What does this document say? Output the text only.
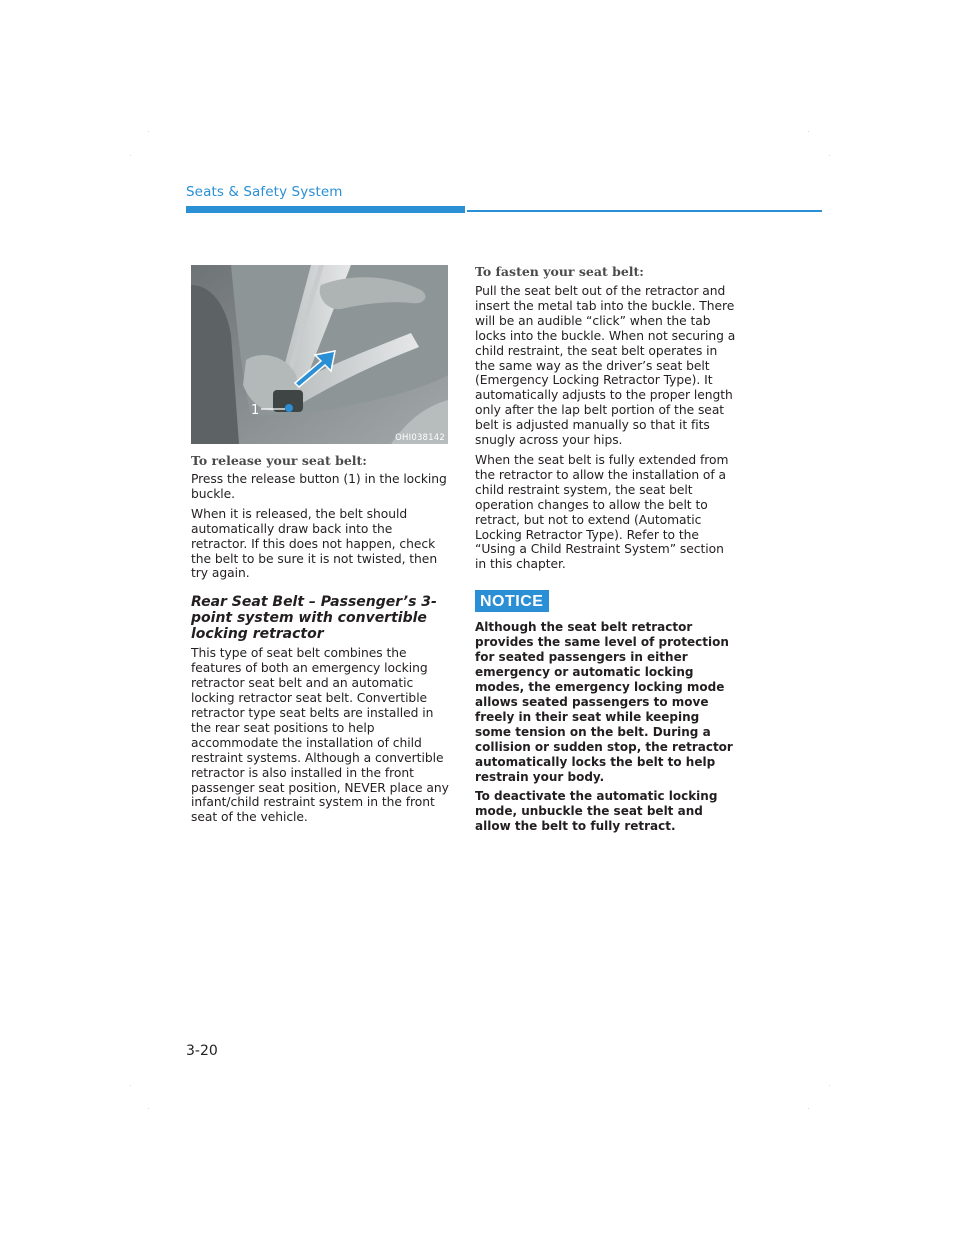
Seats & Safety System
1
OHI038142

To release your seat belt:

Press the release button (1) in the locking buckle.

When it is released, the belt should automatically draw back into the retractor. If this does not happen, check the belt to be sure it is not twisted, then try again.

Rear Seat Belt – Passenger’s 3-point system with convertible locking retractor

This type of seat belt combines the features of both an emergency locking retractor seat belt and an automatic locking retractor seat belt. Convertible retractor type seat belts are installed in the rear seat positions to help accommodate the installation of child restraint systems. Although a convertible retractor is also installed in the front passenger seat position, NEVER place any infant/child restraint system in the front seat of the vehicle.

To fasten your seat belt:

Pull the seat belt out of the retractor and insert the metal tab into the buckle. There will be an audible “click” when the tab locks into the buckle. When not securing a child restraint, the seat belt operates in the same way as the driver’s seat belt (Emergency Locking Retractor Type). It automatically adjusts to the proper length only after the lap belt portion of the seat belt is adjusted manually so that it fits snugly across your hips.

When the seat belt is fully extended from the retractor to allow the installation of a child restraint system, the seat belt operation changes to allow the belt to retract, but not to extend (Automatic Locking Retractor Type). Refer to the “Using a Child Restraint System” section in this chapter.

NOTICE

Although the seat belt retractor provides the same level of protection for seated passengers in either emergency or automatic locking modes, the emergency locking mode allows seated passengers to move freely in their seat while keeping some tension on the belt. During a collision or sudden stop, the retractor automatically locks the belt to help restrain your body.

To deactivate the automatic locking mode, unbuckle the seat belt and allow the belt to fully retract.

3-20
